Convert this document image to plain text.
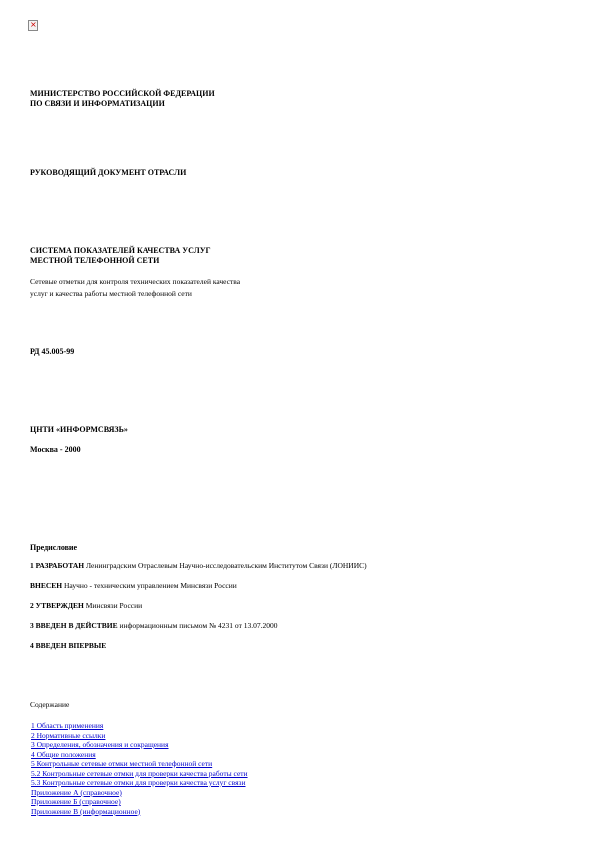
×
МИНИСТЕРСТВО РОССИЙСКОЙ ФЕДЕРАЦИИ
ПО СВЯЗИ И ИНФОРМАТИЗАЦИИ
РУКОВОДЯЩИЙ ДОКУМЕНТ ОТРАСЛИ
СИСТЕМА ПОКАЗАТЕЛЕЙ КАЧЕСТВА УСЛУГ
МЕСТНОЙ ТЕЛЕФОННОЙ СЕТИ
Сетевые отметки для контроля технических показателей качества
услуг и качества работы местной телефонной сети
РД 45.005-99
ЦНТИ «ИНФОРМСВЯЗЬ»
Москва - 2000
Предисловие
1 РАЗРАБОТАН Ленинградским Отраслевым Научно-исследовательским Институтом Связи (ЛОНИИС)
ВНЕСЕН Научно - техническим управлением Минсвязи России
2 УТВЕРЖДЕН Минсвязи России
3 ВВЕДЕН В ДЕЙСТВИЕ информационным письмом № 4231 от 13.07.2000
4 ВВЕДЕН ВПЕРВЫЕ
Содержание
1 Область применения
2 Нормативные ссылки
3 Определения, обозначения и сокращения
4 Общие положения
5 Контрольные сетевые отмки местной телефонной сети
5.2 Контрольные сетевые отмки для проверки качества работы сети
5.3 Контрольные сетевые отмки для проверки качества услуг связи
Приложение А (справочное)
Приложение Б (справочное)
Приложение В (информационное)
